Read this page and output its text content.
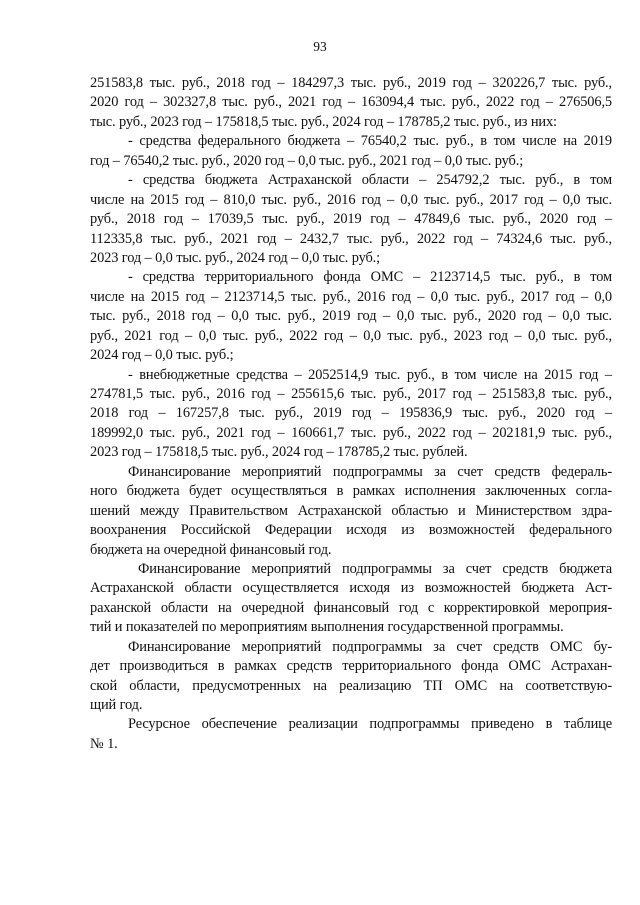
93
251583,8 тыс. руб., 2018 год – 184297,3 тыс. руб., 2019 год – 320226,7 тыс. руб.,
2020 год – 302327,8 тыс. руб., 2021 год – 163094,4 тыс. руб., 2022 год – 276506,5
тыс. руб., 2023 год – 175818,5 тыс. руб., 2024 год – 178785,2 тыс. руб., из них:
- средства федерального бюджета – 76540,2 тыс. руб., в том числе на 2019
год – 76540,2 тыс. руб., 2020 год – 0,0 тыс. руб., 2021 год – 0,0 тыс. руб.;
- средства бюджета Астраханской области – 254792,2 тыс. руб., в том
числе на 2015 год – 810,0 тыс. руб., 2016 год – 0,0 тыс. руб., 2017 год – 0,0 тыс.
руб., 2018 год – 17039,5 тыс. руб., 2019 год – 47849,6 тыс. руб., 2020 год –
112335,8 тыс. руб., 2021 год – 2432,7 тыс. руб., 2022 год – 74324,6 тыс. руб.,
2023 год – 0,0 тыс. руб., 2024 год – 0,0 тыс. руб.;
- средства территориального фонда ОМС – 2123714,5 тыс. руб., в том
числе на 2015 год – 2123714,5 тыс. руб., 2016 год – 0,0 тыс. руб., 2017 год – 0,0
тыс. руб., 2018 год – 0,0 тыс. руб., 2019 год – 0,0 тыс. руб., 2020 год – 0,0 тыс.
руб., 2021 год – 0,0 тыс. руб., 2022 год – 0,0 тыс. руб., 2023 год – 0,0 тыс. руб.,
2024 год – 0,0 тыс. руб.;
- внебюджетные средства – 2052514,9 тыс. руб., в том числе на 2015 год –
274781,5 тыс. руб., 2016 год – 255615,6 тыс. руб., 2017 год – 251583,8 тыс. руб.,
2018 год – 167257,8 тыс. руб., 2019 год – 195836,9 тыс. руб., 2020 год –
189992,0 тыс. руб., 2021 год – 160661,7 тыс. руб., 2022 год – 202181,9 тыс. руб.,
2023 год – 175818,5 тыс. руб., 2024 год – 178785,2 тыс. рублей.
Финансирование мероприятий подпрограммы за счет средств федераль-
ного бюджета будет осуществляться в рамках исполнения заключенных согла-
шений между Правительством Астраханской областью и Министерством здра-
воохранения Российской Федерации исходя из возможностей федерального
бюджета на очередной финансовый год.
Финансирование мероприятий подпрограммы за счет средств бюджета
Астраханской области осуществляется исходя из возможностей бюджета Аст-
раханской области на очередной финансовый год с корректировкой мероприя-
тий и показателей по мероприятиям выполнения государственной программы.
Финансирование мероприятий подпрограммы за счет средств ОМС бу-
дет производиться в рамках средств территориального фонда ОМС Астрахан-
ской области, предусмотренных на реализацию ТП ОМС на соответствую-
щий год.
Ресурсное обеспечение реализации подпрограммы приведено в таблице
№ 1.
